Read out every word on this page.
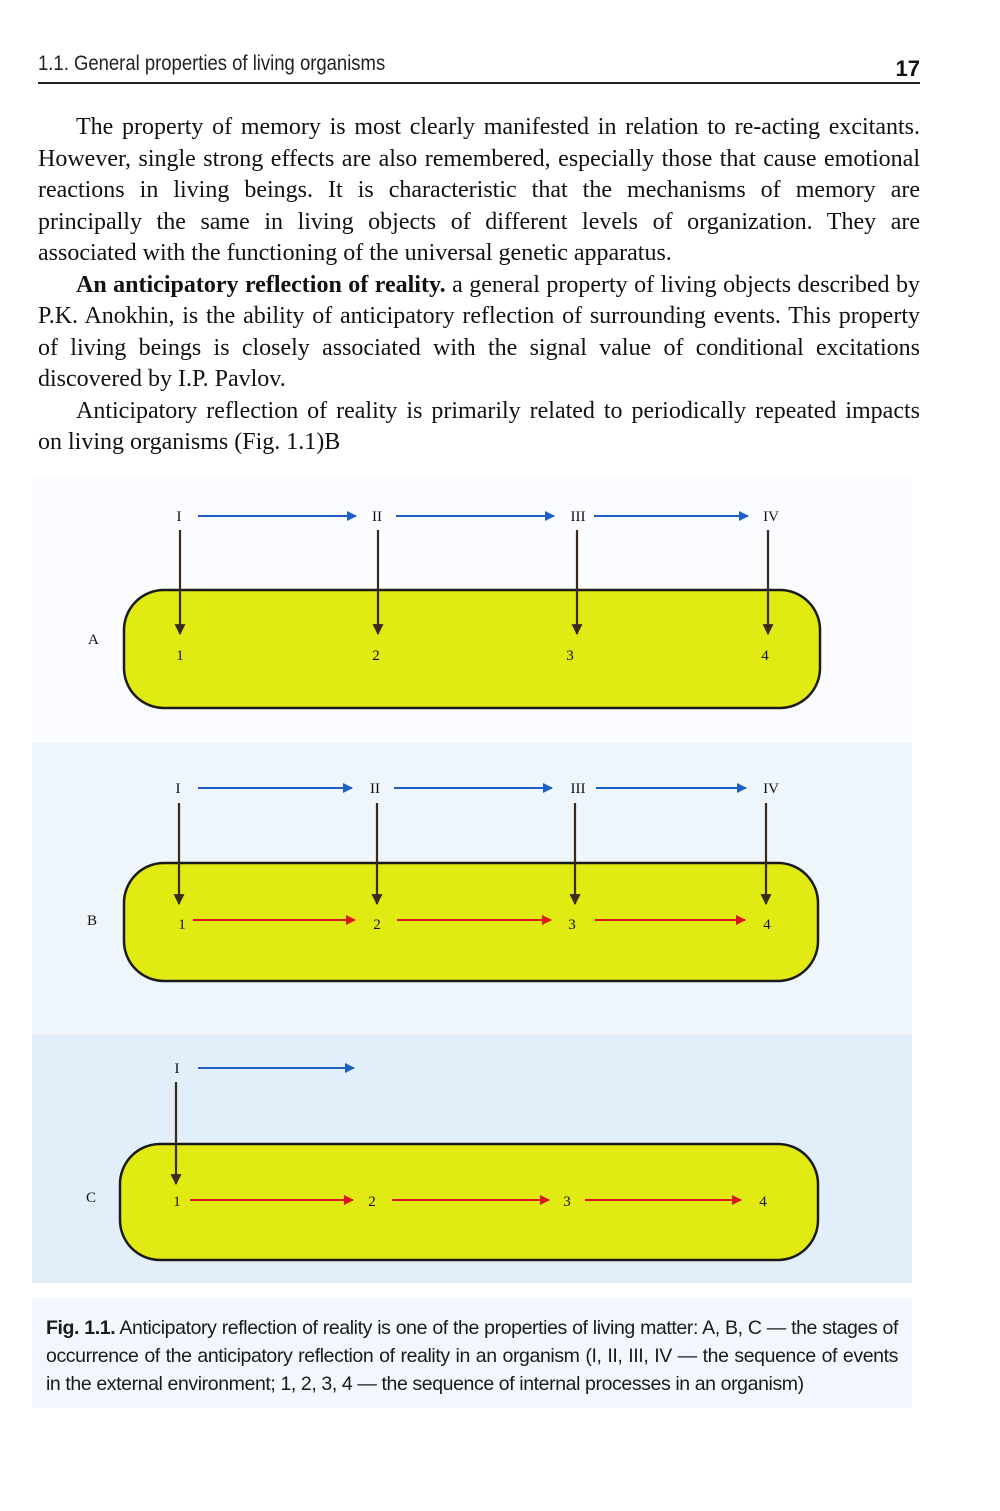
1.1. General properties of living organisms	17

The property of memory is most clearly manifested in relation to re-acting excitants. However, single strong effects are also remembered, especially those that cause emotional reactions in living beings. It is characteristic that the mechanisms of memory are principally the same in living objects of different levels of organization. They are associated with the functioning of the universal genetic apparatus.

An anticipatory reflection of reality. a general property of living objects described by P.K. Anokhin, is the ability of anticipatory reflection of surrounding events. This property of living beings is closely associated with the signal value of conditional excitations discovered by I.P. Pavlov.

Anticipatory reflection of reality is primarily related to periodically repeated impacts on living organisms (Fig. 1.1)B

A
I	II	III	IV
1	2	3	4
B
I	II	III	IV
1	2	3	4
C
I
1	2	3	4
Fig. 1.1. Anticipatory reflection of reality is one of the properties of living matter: A, B, C — the stages of occurrence of the anticipatory reflection of reality in an organism (I, II, III, IV — the sequence of events in the external environment; 1, 2, 3, 4 — the sequence of internal processes in an organism)
